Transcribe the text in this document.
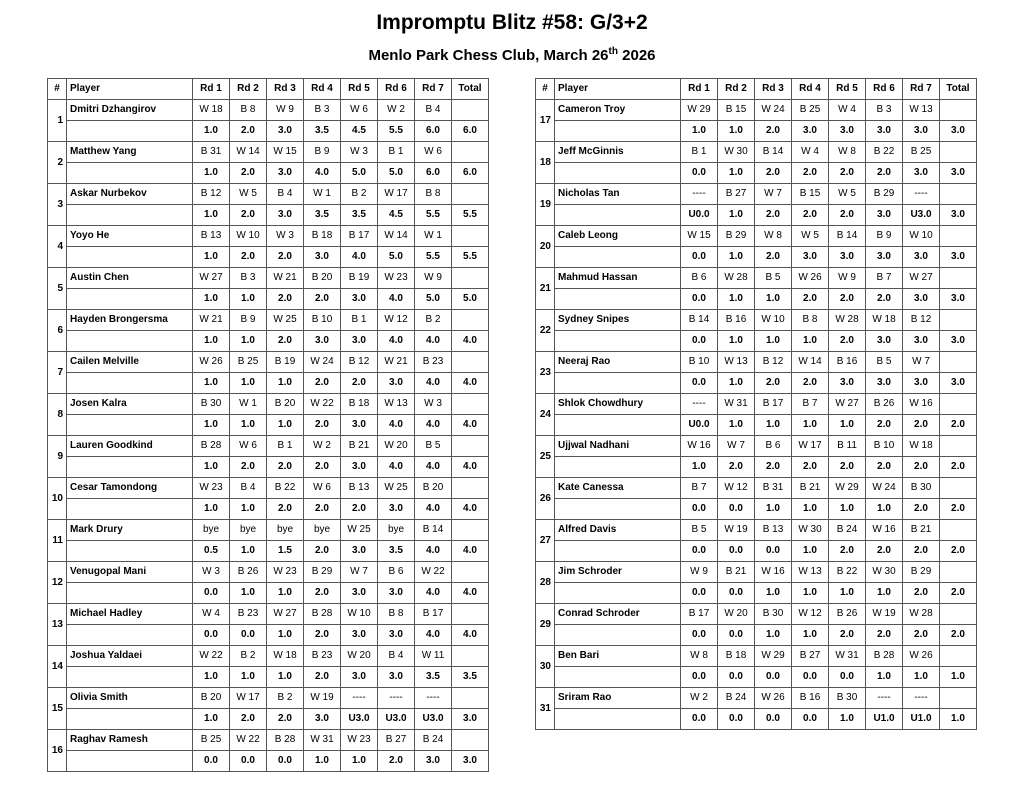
Impromptu Blitz #58: G/3+2
Menlo Park Chess Club, March 26th 2026
#	Player	Rd 1	Rd 2	Rd 3	Rd 4	Rd 5	Rd 6	Rd 7	Total
1	Dmitri Dzhangirov	W 18	B 8	W 9	B 3	W 6	W 2	B 4	
		1.0	2.0	3.0	3.5	4.5	5.5	6.0	6.0
2	Matthew Yang	B 31	W 14	W 15	B 9	W 3	B 1	W 6	
		1.0	2.0	3.0	4.0	5.0	5.0	6.0	6.0
3	Askar Nurbekov	B 12	W 5	B 4	W 1	B 2	W 17	B 8	
		1.0	2.0	3.0	3.5	3.5	4.5	5.5	5.5
4	Yoyo He	B 13	W 10	W 3	B 18	B 17	W 14	W 1	
		1.0	2.0	2.0	3.0	4.0	5.0	5.5	5.5
5	Austin Chen	W 27	B 3	W 21	B 20	B 19	W 23	W 9	
		1.0	1.0	2.0	2.0	3.0	4.0	5.0	5.0
6	Hayden Brongersma	W 21	B 9	W 25	B 10	B 1	W 12	B 2	
		1.0	1.0	2.0	3.0	3.0	4.0	4.0	4.0
7	Cailen Melville	W 26	B 25	B 19	W 24	B 12	W 21	B 23	
		1.0	1.0	1.0	2.0	2.0	3.0	4.0	4.0
8	Josen Kalra	B 30	W 1	B 20	W 22	B 18	W 13	W 3	
		1.0	1.0	1.0	2.0	3.0	4.0	4.0	4.0
9	Lauren Goodkind	B 28	W 6	B 1	W 2	B 21	W 20	B 5	
		1.0	2.0	2.0	2.0	3.0	4.0	4.0	4.0
10	Cesar Tamondong	W 23	B 4	B 22	W 6	B 13	W 25	B 20	
		1.0	1.0	2.0	2.0	2.0	3.0	4.0	4.0
11	Mark Drury	bye	bye	bye	bye	W 25	bye	B 14	
		0.5	1.0	1.5	2.0	3.0	3.5	4.0	4.0
12	Venugopal Mani	W 3	B 26	W 23	B 29	W 7	B 6	W 22	
		0.0	1.0	1.0	2.0	3.0	3.0	4.0	4.0
13	Michael Hadley	W 4	B 23	W 27	B 28	W 10	B 8	B 17	
		0.0	0.0	1.0	2.0	3.0	3.0	4.0	4.0
14	Joshua Yaldaei	W 22	B 2	W 18	B 23	W 20	B 4	W 11	
		1.0	1.0	1.0	2.0	3.0	3.0	3.5	3.5
15	Olivia Smith	B 20	W 17	B 2	W 19	----	----	----	
		1.0	2.0	2.0	3.0	U3.0	U3.0	U3.0	3.0
16	Raghav Ramesh	B 25	W 22	B 28	W 31	W 23	B 27	B 24	
		0.0	0.0	0.0	1.0	1.0	2.0	3.0	3.0
#	Player	Rd 1	Rd 2	Rd 3	Rd 4	Rd 5	Rd 6	Rd 7	Total
17	Cameron Troy	W 29	B 15	W 24	B 25	W 4	B 3	W 13	
		1.0	1.0	2.0	3.0	3.0	3.0	3.0	3.0
18	Jeff McGinnis	B 1	W 30	B 14	W 4	W 8	B 22	B 25	
		0.0	1.0	2.0	2.0	2.0	2.0	3.0	3.0
19	Nicholas Tan	----	B 27	W 7	B 15	W 5	B 29	----	
		U0.0	1.0	2.0	2.0	2.0	3.0	U3.0	3.0
20	Caleb Leong	W 15	B 29	W 8	W 5	B 14	B 9	W 10	
		0.0	1.0	2.0	3.0	3.0	3.0	3.0	3.0
21	Mahmud Hassan	B 6	W 28	B 5	W 26	W 9	B 7	W 27	
		0.0	1.0	1.0	2.0	2.0	2.0	3.0	3.0
22	Sydney Snipes	B 14	B 16	W 10	B 8	W 28	W 18	B 12	
		0.0	1.0	1.0	1.0	2.0	3.0	3.0	3.0
23	Neeraj Rao	B 10	W 13	B 12	W 14	B 16	B 5	W 7	
		0.0	1.0	2.0	2.0	3.0	3.0	3.0	3.0
24	Shlok Chowdhury	----	W 31	B 17	B 7	W 27	B 26	W 16	
		U0.0	1.0	1.0	1.0	1.0	2.0	2.0	2.0
25	Ujjwal Nadhani	W 16	W 7	B 6	W 17	B 11	B 10	W 18	
		1.0	2.0	2.0	2.0	2.0	2.0	2.0	2.0
26	Kate Canessa	B 7	W 12	B 31	B 21	W 29	W 24	B 30	
		0.0	0.0	1.0	1.0	1.0	1.0	2.0	2.0
27	Alfred Davis	B 5	W 19	B 13	W 30	B 24	W 16	B 21	
		0.0	0.0	0.0	1.0	2.0	2.0	2.0	2.0
28	Jim Schroder	W 9	B 21	W 16	W 13	B 22	W 30	B 29	
		0.0	0.0	1.0	1.0	1.0	1.0	2.0	2.0
29	Conrad Schroder	B 17	W 20	B 30	W 12	B 26	W 19	W 28	
		0.0	0.0	1.0	1.0	2.0	2.0	2.0	2.0
30	Ben Bari	W 8	B 18	W 29	B 27	W 31	B 28	W 26	
		0.0	0.0	0.0	0.0	0.0	1.0	1.0	1.0
31	Sriram Rao	W 2	B 24	W 26	B 16	B 30	----	----	
		0.0	0.0	0.0	0.0	1.0	U1.0	U1.0	1.0
